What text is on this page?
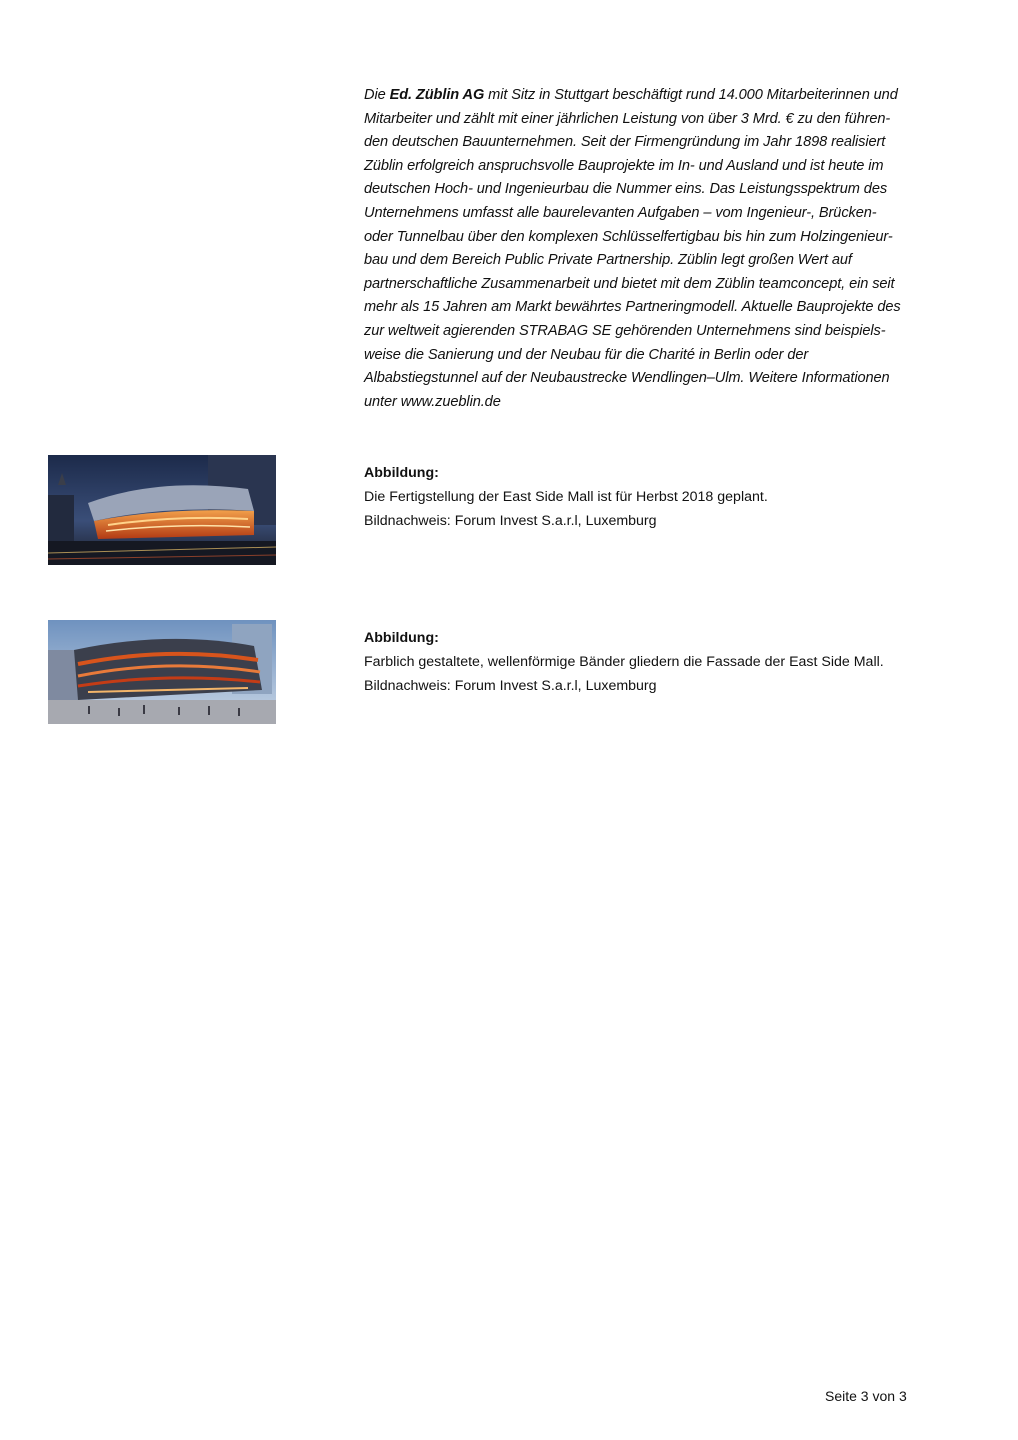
Die Ed. Züblin AG mit Sitz in Stuttgart beschäftigt rund 14.000 Mitarbeiterinnen und
Mitarbeiter und zählt mit einer jährlichen Leistung von über 3 Mrd. € zu den führen-
den deutschen Bauunternehmen. Seit der Firmengründung im Jahr 1898 realisiert
Züblin erfolgreich anspruchsvolle Bauprojekte im In- und Ausland und ist heute im
deutschen Hoch- und Ingenieurbau die Nummer eins. Das Leistungsspektrum des
Unternehmens umfasst alle baurelevanten Aufgaben – vom Ingenieur-, Brücken-
oder Tunnelbau über den komplexen Schlüsselfertigbau bis hin zum Holzingenieur-
bau und dem Bereich Public Private Partnership. Züblin legt großen Wert auf
partnerschaftliche Zusammenarbeit und bietet mit dem Züblin teamconcept, ein seit
mehr als 15 Jahren am Markt bewährtes Partneringmodell. Aktuelle Bauprojekte des
zur weltweit agierenden STRABAG SE gehörenden Unternehmens sind beispiels-
weise die Sanierung und der Neubau für die Charité in Berlin oder der
Albabstiegstunnel auf der Neubaustrecke Wendlingen–Ulm. Weitere Informationen
unter www.zueblin.de
Abbildung:
Die Fertigstellung der East Side Mall ist für Herbst 2018 geplant.
Bildnachweis: Forum Invest S.a.r.l, Luxemburg
Abbildung:
Farblich gestaltete, wellenförmige Bänder gliedern die Fassade der East Side Mall.
Bildnachweis: Forum Invest S.a.r.l, Luxemburg
Seite 3 von 3
